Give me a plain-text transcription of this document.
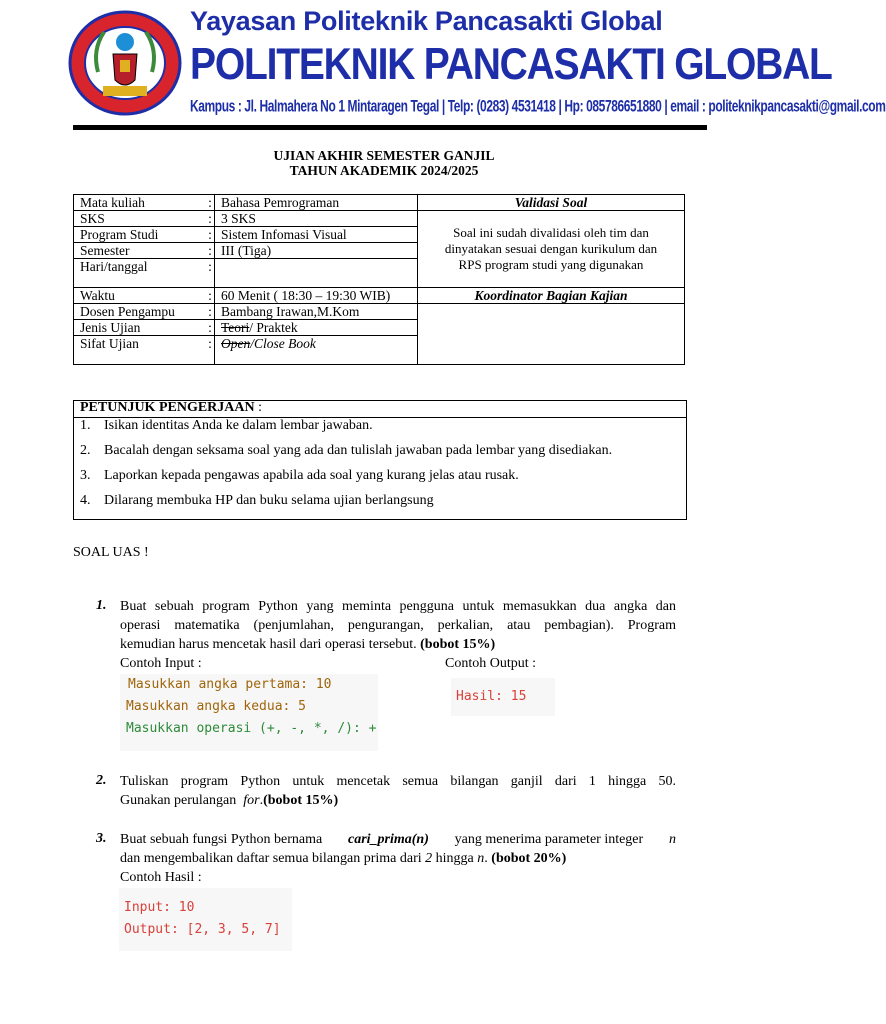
Yayasan Politeknik Pancasakti Global
POLITEKNIK PANCASAKTI GLOBAL
Kampus : Jl. Halmahera No 1 Mintaragen Tegal | Telp: (0283) 4531418 | Hp: 085786651880 | email : politeknikpancasakti@gmail.com
UJIAN AKHIR SEMESTER GANJIL
TAHUN AKADEMIK 2024/2025
Mata kuliah	:	Bahasa Pemrograman	Validasi Soal
SKS	:	3 SKS	Soal ini sudah divalidasi oleh tim dan dinyatakan sesuai dengan kurikulum dan RPS program studi yang digunakan
Program Studi	:	Sistem Infomasi Visual	
Semester	:	III (Tiga)	
Hari/tanggal	:		
Waktu	:	60 Menit ( 18:30 – 19:30 WIB)	Koordinator Bagian Kajian
Dosen Pengampu	:	Bambang Irawan,M.Kom	
Jenis Ujian	:	Teori/ Praktek	
Sifat Ujian	:	Open/Close Book	
PETUNJUK PENGERJAAN :
1. Isikan identitas Anda ke dalam lembar jawaban.
2. Bacalah dengan seksama soal yang ada dan tulislah jawaban pada lembar yang disediakan.
3. Laporkan kepada pengawas apabila ada soal yang kurang jelas atau rusak.
4. Dilarang membuka HP dan buku selama ujian berlangsung
SOAL UAS !
1. Buat sebuah program Python yang meminta pengguna untuk memasukkan dua angka dan
operasi matematika (penjumlahan, pengurangan, perkalian, atau pembagian). Program
kemudian harus mencetak hasil dari operasi tersebut. (bobot 15%)
Contoh Input :	Contoh Output :
Masukkan angka pertama: 10
Masukkan angka kedua: 5
Masukkan operasi (+, -, *, /): +
Hasil: 15
2. Tuliskan program Python untuk mencetak semua bilangan ganjil dari 1 hingga 50.
Gunakan perulangan for.(bobot 15%)
3. Buat sebuah fungsi Python bernama cari_prima(n) yang menerima parameter integer n
dan mengembalikan daftar semua bilangan prima dari 2 hingga n. (bobot 20%)
Contoh Hasil :
Input: 10
Output: [2, 3, 5, 7]
